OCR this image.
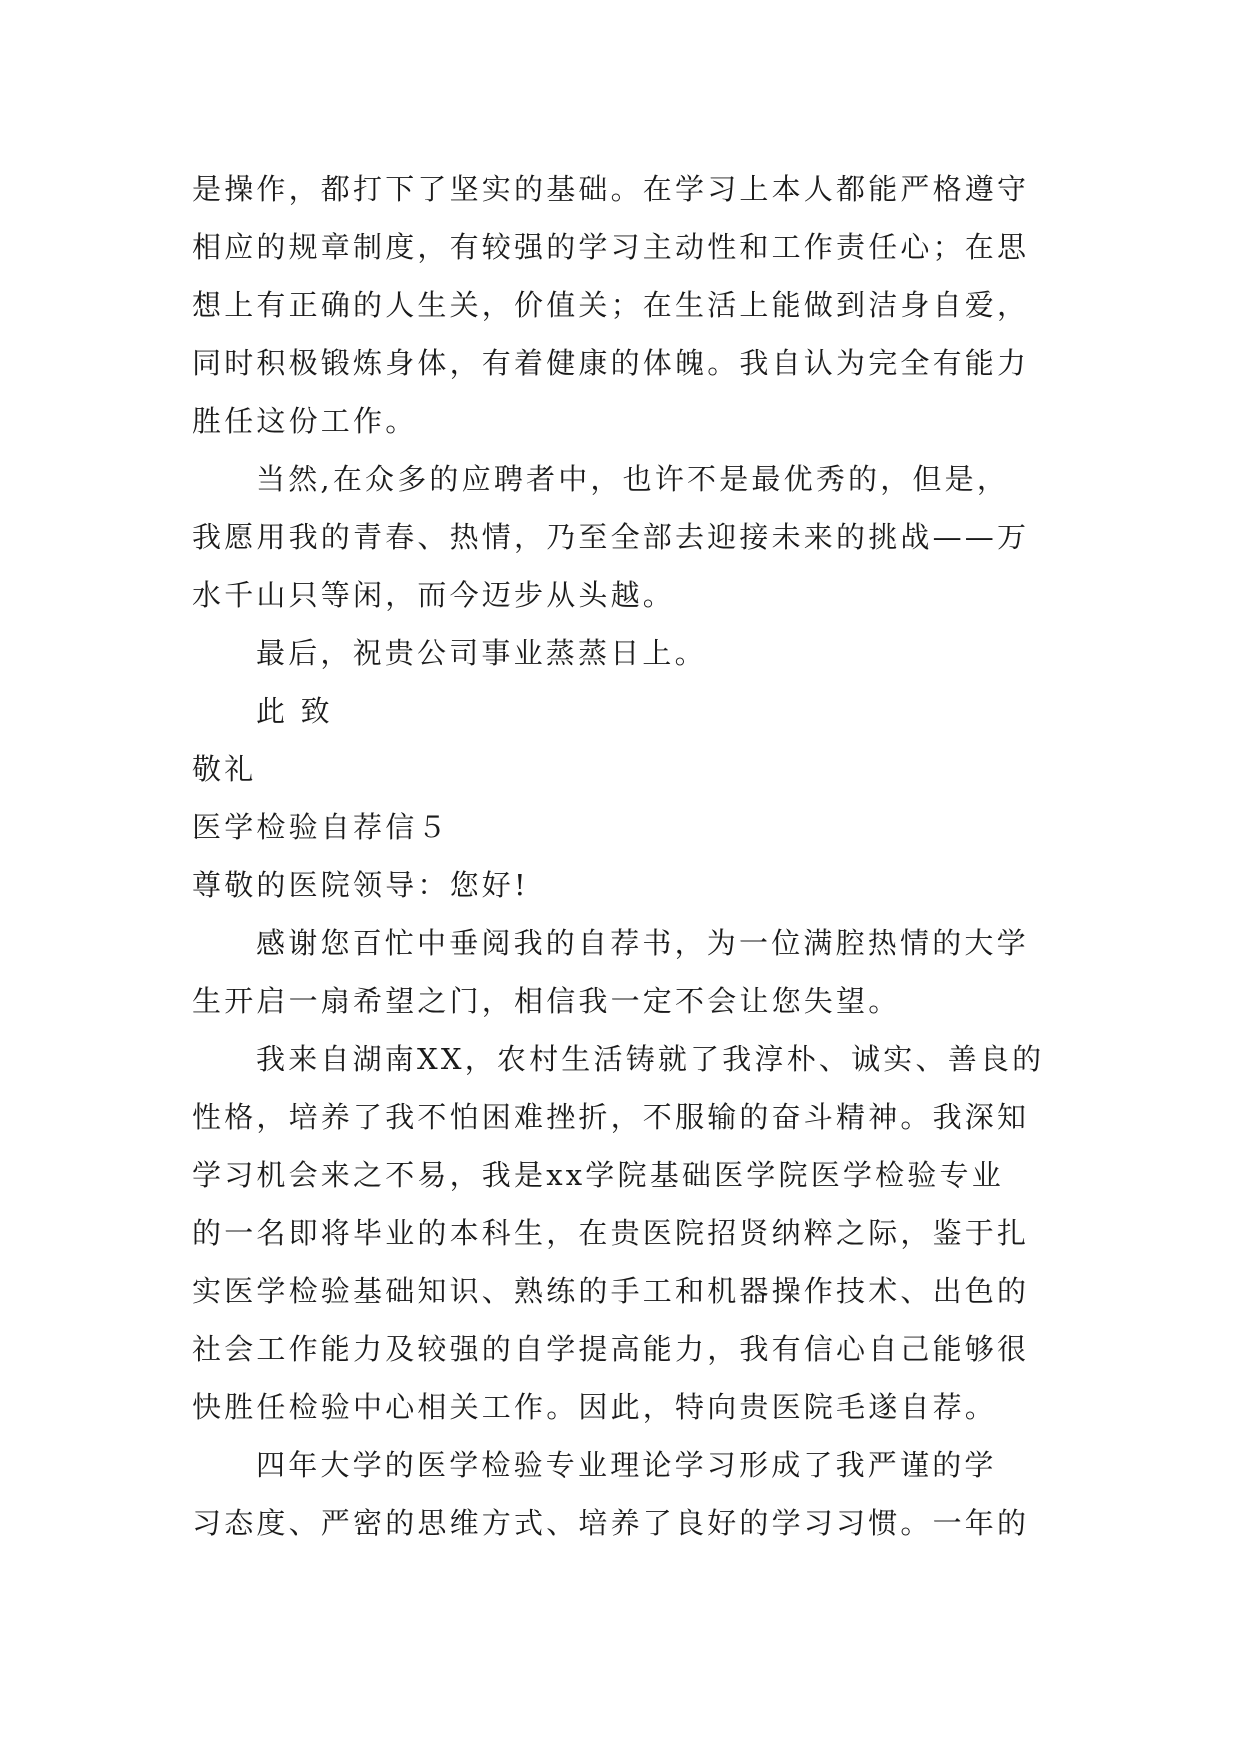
是操作，都打下了坚实的基础。在学习上本人都能严格遵守
相应的规章制度，有较强的学习主动性和工作责任心；在思
想上有正确的人生关，价值关；在生活上能做到洁身自爱，
同时积极锻炼身体，有着健康的体魄。我自认为完全有能力
胜任这份工作。
当然,在众多的应聘者中，也许不是最优秀的，但是，
我愿用我的青春、热情，乃至全部去迎接未来的挑战——万
水千山只等闲，而今迈步从头越。
最后，祝贵公司事业蒸蒸日上。
此 致
敬礼
医学检验自荐信５
尊敬的医院领导：您好!
感谢您百忙中垂阅我的自荐书，为一位满腔热情的大学
生开启一扇希望之门，相信我一定不会让您失望。
我来自湖南XX，农村生活铸就了我淳朴、诚实、善良的
性格，培养了我不怕困难挫折，不服输的奋斗精神。我深知
学习机会来之不易，我是xx学院基础医学院医学检验专业
的一名即将毕业的本科生，在贵医院招贤纳粹之际，鉴于扎
实医学检验基础知识、熟练的手工和机器操作技术、出色的
社会工作能力及较强的自学提高能力，我有信心自己能够很
快胜任检验中心相关工作。因此，特向贵医院毛遂自荐。
四年大学的医学检验专业理论学习形成了我严谨的学
习态度、严密的思维方式、培养了良好的学习习惯。一年的
